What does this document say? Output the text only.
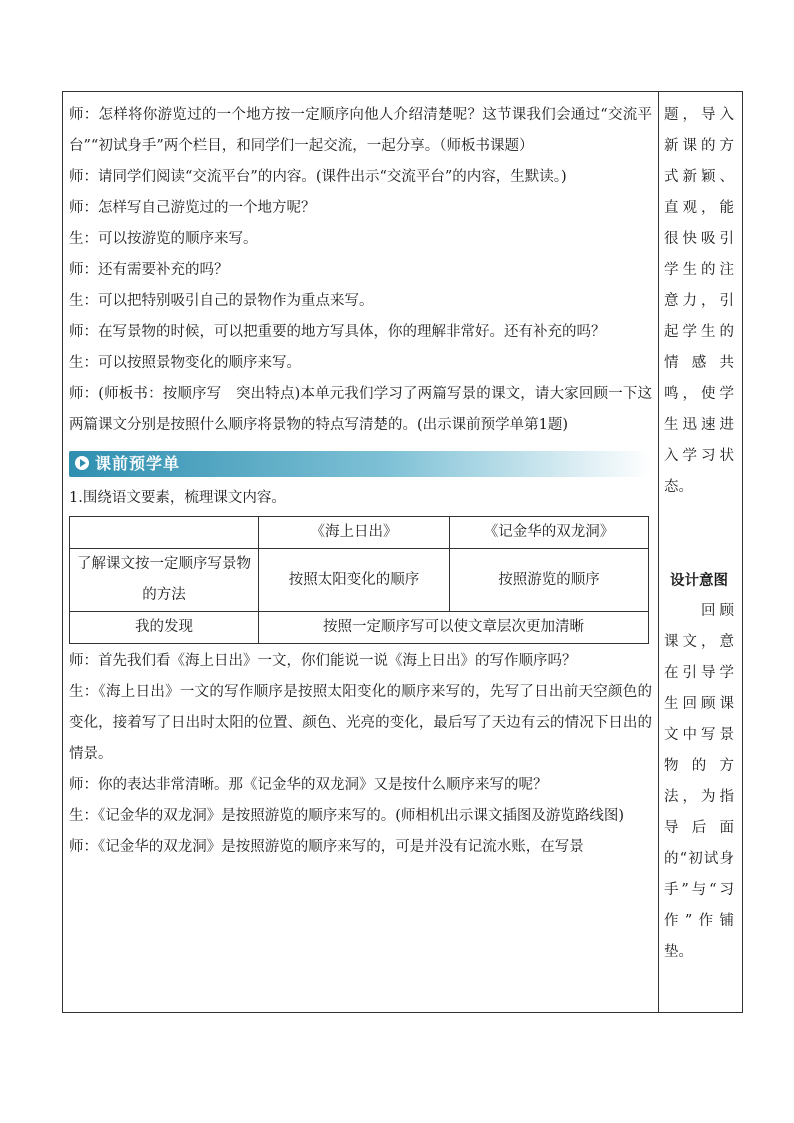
师：怎样将你游览过的一个地方按一定顺序向他人介绍清楚呢？这节课我们会通过“交流平台”“初试身手”两个栏目，和同学们一起交流，一起分享。（师板书课题）

师：请同学们阅读“交流平台”的内容。(课件出示“交流平台”的内容，生默读。)

师：怎样写自己游览过的一个地方呢？

生：可以按游览的顺序来写。

师：还有需要补充的吗？

生：可以把特别吸引自己的景物作为重点来写。

师：在写景物的时候，可以把重要的地方写具体，你的理解非常好。还有补充的吗？

生：可以按照景物变化的顺序来写。

师：(师板书：按顺序写　突出特点)本单元我们学习了两篇写景的课文，请大家回顾一下这两篇课文分别是按照什么顺序将景物的特点写清楚的。(出示课前预学单第1题)

课前预学单

1.围绕语文要素，梳理课文内容。

	《海上日出》	《记金华的双龙洞》
了解课文按一定顺序写景物的方法	按照太阳变化的顺序	按照游览的顺序
我的发现	按照一定顺序写可以使文章层次更加清晰	

师：首先我们看《海上日出》一文，你们能说一说《海上日出》的写作顺序吗？

生：《海上日出》一文的写作顺序是按照太阳变化的顺序来写的，先写了日出前天空颜色的变化，接着写了日出时太阳的位置、颜色、光亮的变化，最后写了天边有云的情况下日出的情景。

师：你的表达非常清晰。那《记金华的双龙洞》又是按什么顺序来写的呢？

生：《记金华的双龙洞》是按照游览的顺序来写的。(师相机出示课文插图及游览路线图)

师：《记金华的双龙洞》是按照游览的顺序来写的，可是并没有记流水账，在写景

题，导入新课的方式新颖、直观，能很快吸引学生的注意力，引起学生的情感共鸣，使学生迅速进入学习状态。

设计意图

　　回顾课文，意在引导学生回顾课文中写景物的方法，为指导后面的“初试身手”与“习作”作铺垫。
